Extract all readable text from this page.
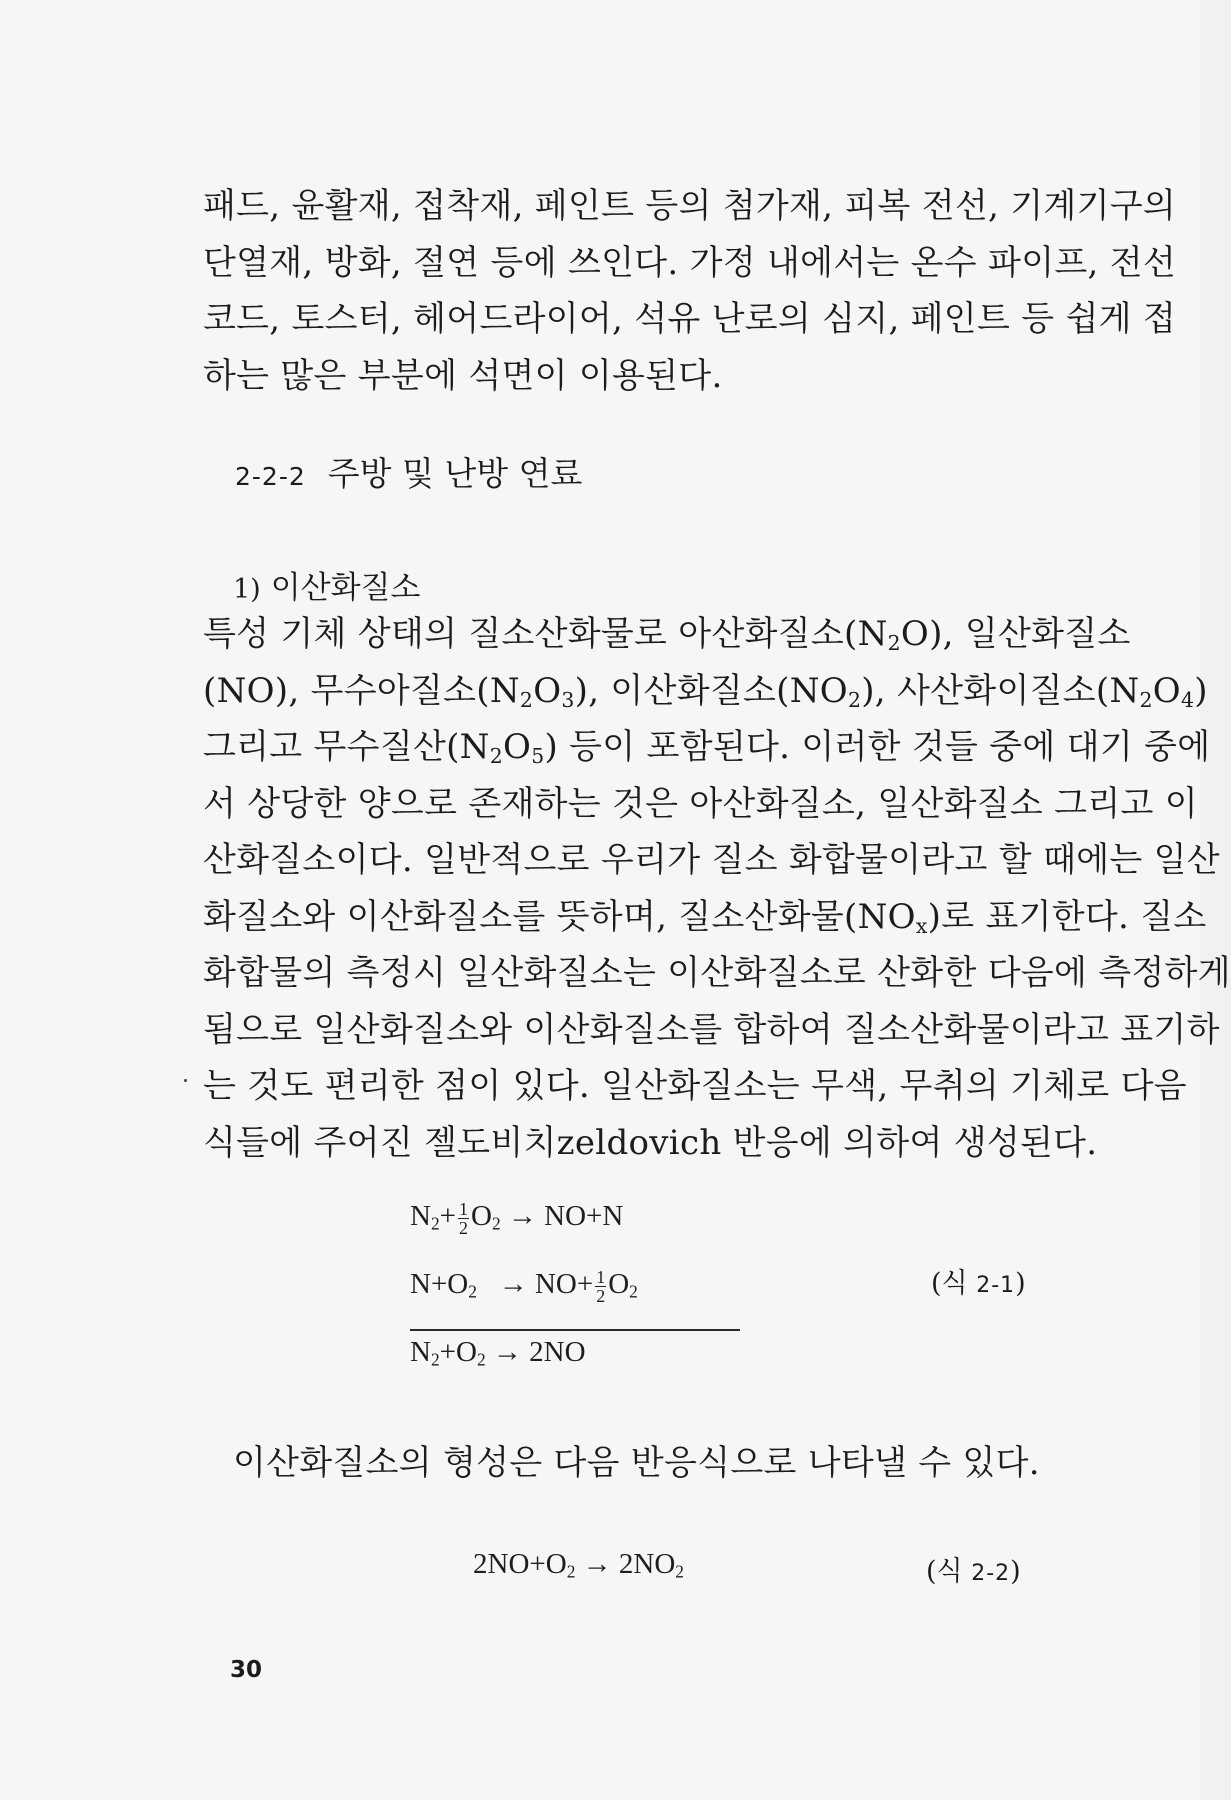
패드, 윤활재, 접착재, 페인트 등의 첨가재, 피복 전선, 기계기구의
단열재, 방화, 절연 등에 쓰인다. 가정 내에서는 온수 파이프, 전선
코드, 토스터, 헤어드라이어, 석유 난로의 심지, 페인트 등 쉽게 접
하는 많은 부분에 석면이 이용된다.
2-2-2 주방 및 난방 연료
1) 이산화질소
특성 기체 상태의 질소산화물로 아산화질소$(N_2O)$, 일산화질소
(NO), 무수아질소$(N_2O_3)$, 이산화질소$(NO_2)$, 사산화이질소$(N_2O_4)$
그리고 무수질산$(N_2O_5)$ 등이 포함된다. 이러한 것들 중에 대기 중에
서 상당한 양으로 존재하는 것은 아산화질소, 일산화질소 그리고 이
산화질소이다. 일반적으로 우리가 질소 화합물이라고 할 때에는 일산
화질소와 이산화질소를 뜻하며, 질소산화물$(NO_x)$로 표기한다. 질소
화합물의 측정시 일산화질소는 이산화질소로 산화한 다음에 측정하게
됨으로 일산화질소와 이산화질소를 합하여 질소산화물이라고 표기하
는 것도 편리한 점이 있다. 일산화질소는 무색, 무취의 기체로 다음
식들에 주어진 젤도비치zeldovich 반응에 의하여 생성된다.
$N_2+ \frac{1}{2} O_2 \to NO+N$
$N+O_2 \to NO+ \frac{1}{2} O_2$
$N_2+O_2 \to 2NO$
(식 2-1)
이산화질소의 형성은 다음 반응식으로 나타낼 수 있다.
$2NO+O_2 \to 2NO_2$	(식 2-2)
30
